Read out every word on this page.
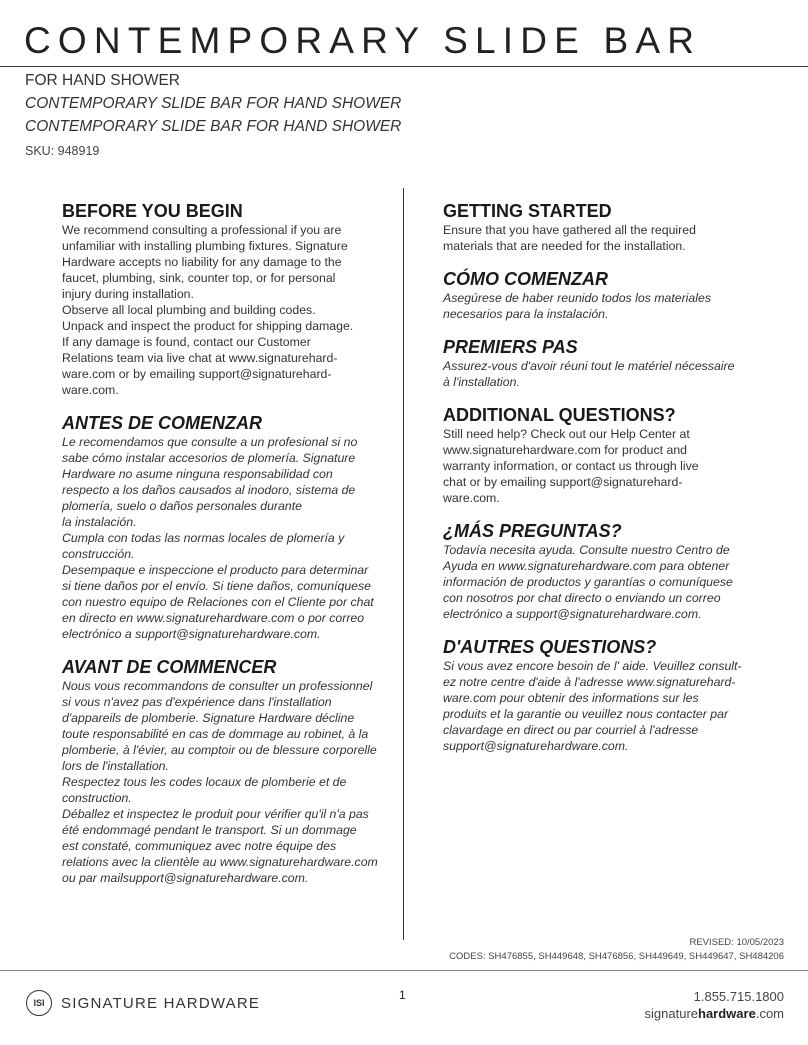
CONTEMPORARY SLIDE BAR
FOR HAND SHOWER
CONTEMPORARY SLIDE BAR FOR HAND SHOWER
CONTEMPORARY SLIDE BAR FOR HAND SHOWER
SKU: 948919
BEFORE YOU BEGIN

We recommend consulting a professional if you are
unfamiliar with installing plumbing fixtures. Signature
Hardware accepts no liability for any damage to the
faucet, plumbing, sink, counter top, or for personal
injury during installation.
Observe all local plumbing and building codes.
Unpack and inspect the product for shipping damage.
If any damage is found, contact our Customer
Relations team via live chat at www.signaturehard-
ware.com or by emailing support@signaturehard-
ware.com.

ANTES DE COMENZAR

Le recomendamos que consulte a un profesional si no
sabe cómo instalar accesorios de plomería. Signature
Hardware no asume ninguna responsabilidad con
respecto a los daños causados al inodoro, sistema de
plomería, suelo o daños personales durante
la instalación.
Cumpla con todas las normas locales de plomería y
construcción.
Desempaque e inspeccione el producto para determinar
si tiene daños por el envío. Si tiene daños, comuníquese
con nuestro equipo de Relaciones con el Cliente por chat
en directo en www.signaturehardware.com o por correo
electrónico a support@signaturehardware.com.

AVANT DE COMMENCER

Nous vous recommandons de consulter un professionnel
si vous n'avez pas d'expérience dans l'installation
d'appareils de plomberie. Signature Hardware décline
toute responsabilité en cas de dommage au robinet, à la
plomberie, à l'évier, au comptoir ou de blessure corporelle
lors de l'installation.
Respectez tous les codes locaux de plomberie et de
construction.
Déballez et inspectez le produit pour vérifier qu'il n'a pas
été endommagé pendant le transport. Si un dommage
est constaté, communiquez avec notre équipe des
relations avec la clientèle au www.signaturehardware.com
ou par mailsupport@signaturehardware.com.

GETTING STARTED

Ensure that you have gathered all the required
materials that are needed for the installation.

CÓMO COMENZAR

Asegúrese de haber reunido todos los materiales
necesarios para la instalación.

PREMIERS PAS

Assurez-vous d'avoir réuni tout le matériel nécessaire
à l'installation.

ADDITIONAL QUESTIONS?

Still need help? Check out our Help Center at
www.signaturehardware.com for product and
warranty information, or contact us through live
chat or by emailing support@signaturehard-
ware.com.

¿MÁS PREGUNTAS?

Todavía necesita ayuda. Consulte nuestro Centro de
Ayuda en www.signaturehardware.com para obtener
información de productos y garantías o comuníquese
con nosotros por chat directo o enviando un correo
electrónico a support@signaturehardware.com.

D'AUTRES QUESTIONS?

Si vous avez encore besoin de l' aide. Veuillez consult-
ez notre centre d'aide à l'adresse www.signaturehard-
ware.com pour obtenir des informations sur les
produits et la garantie ou veuillez nous contacter par
clavardage en direct ou par courriel à l'adresse
support@signaturehardware.com.

REVISED: 10/05/2023
CODES: SH476855, SH449648, SH476856, SH449649, SH449647, SH484206
ISI	SIGNATURE HARDWARE	1	1.855.715.1800
signaturehardware.com
